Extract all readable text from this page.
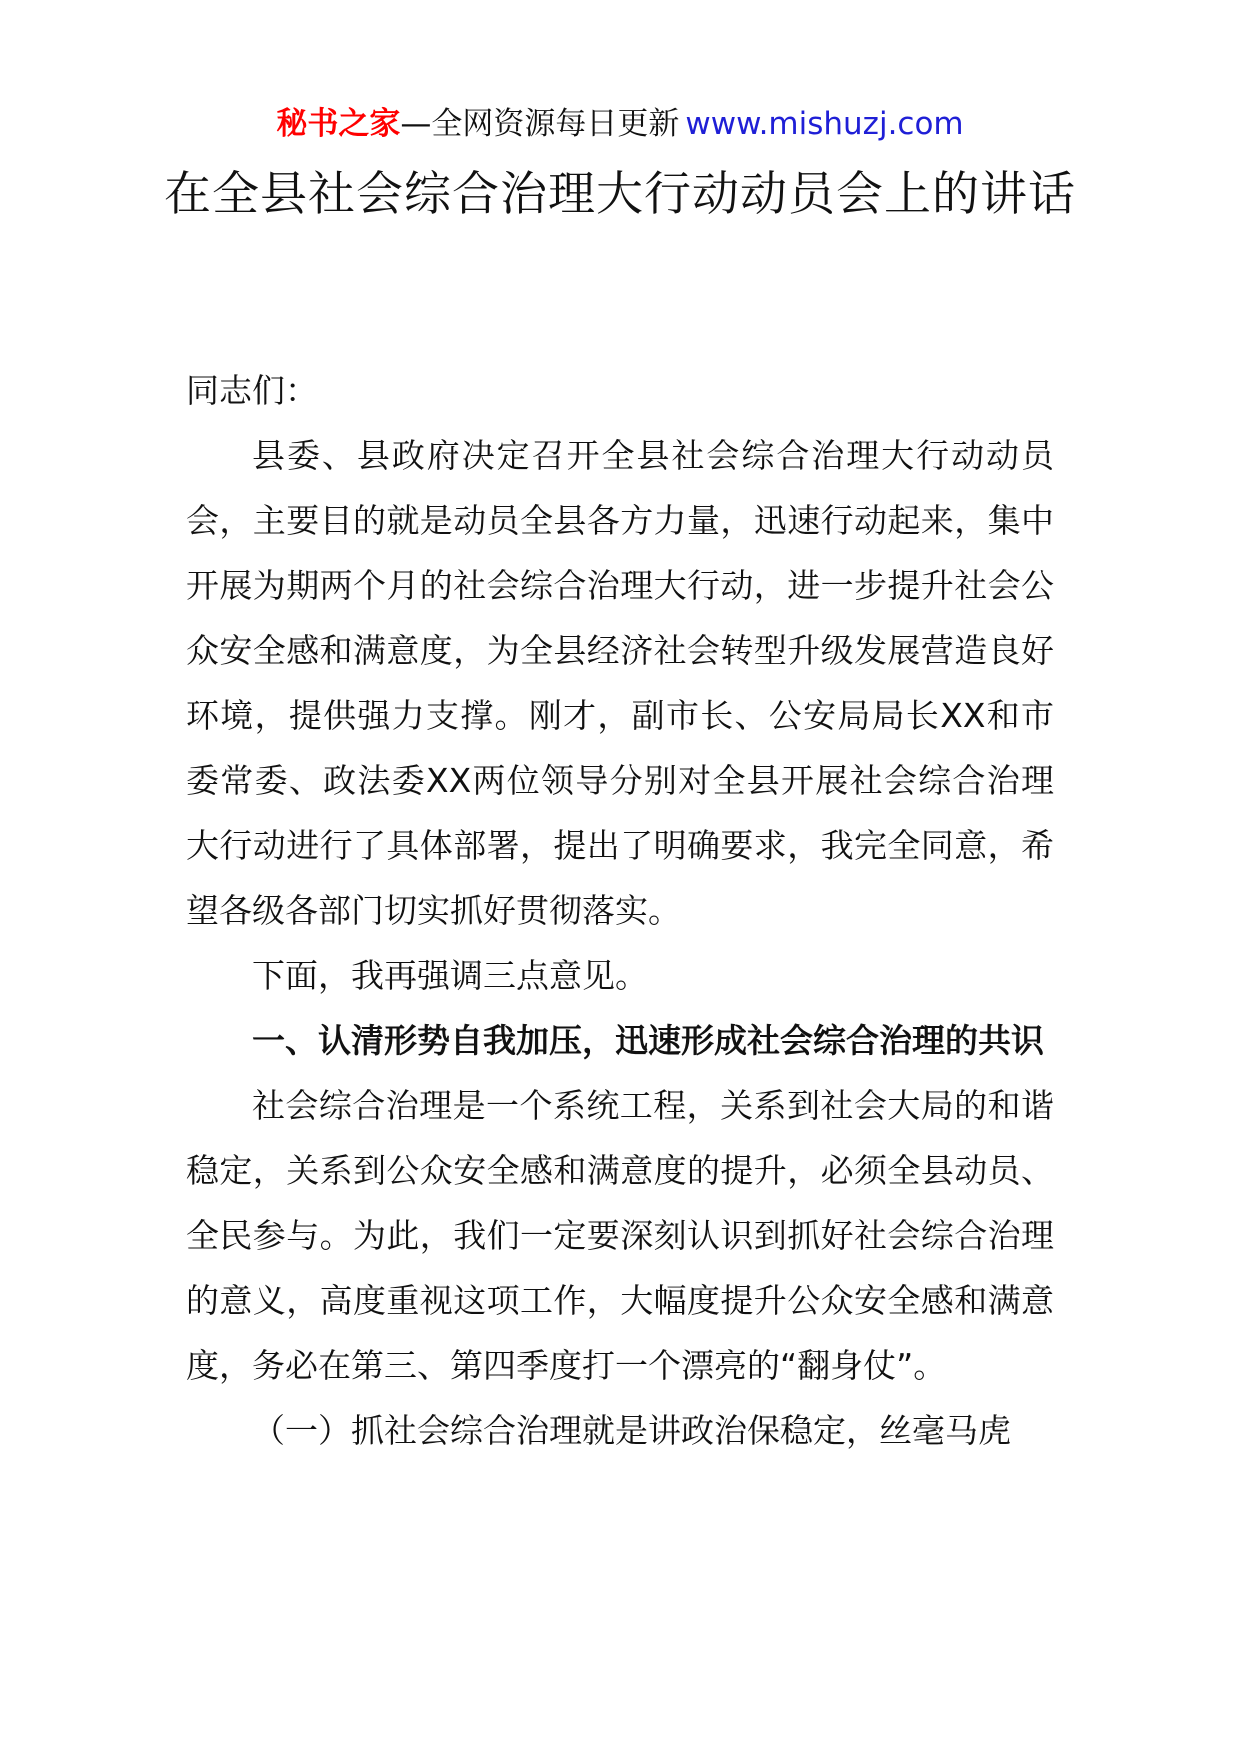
秘书之家—全网资源每日更新 www.mishuzj.com
在全县社会综合治理大行动动员会上的讲话

同志们：

县委、县政府决定召开全县社会综合治理大行动动员会，主要目的就是动员全县各方力量，迅速行动起来，集中开展为期两个月的社会综合治理大行动，进一步提升社会公众安全感和满意度，为全县经济社会转型升级发展营造良好环境，提供强力支撑。刚才，副市长、公安局局长XX和市委常委、政法委XX两位领导分别对全县开展社会综合治理大行动进行了具体部署，提出了明确要求，我完全同意，希望各级各部门切实抓好贯彻落实。

下面，我再强调三点意见。

一、认清形势自我加压，迅速形成社会综合治理的共识

社会综合治理是一个系统工程，关系到社会大局的和谐稳定，关系到公众安全感和满意度的提升，必须全县动员、全民参与。为此，我们一定要深刻认识到抓好社会综合治理的意义，高度重视这项工作，大幅度提升公众安全感和满意度，务必在第三、第四季度打一个漂亮的“翻身仗”。

（一）抓社会综合治理就是讲政治保稳定，丝毫马虎
